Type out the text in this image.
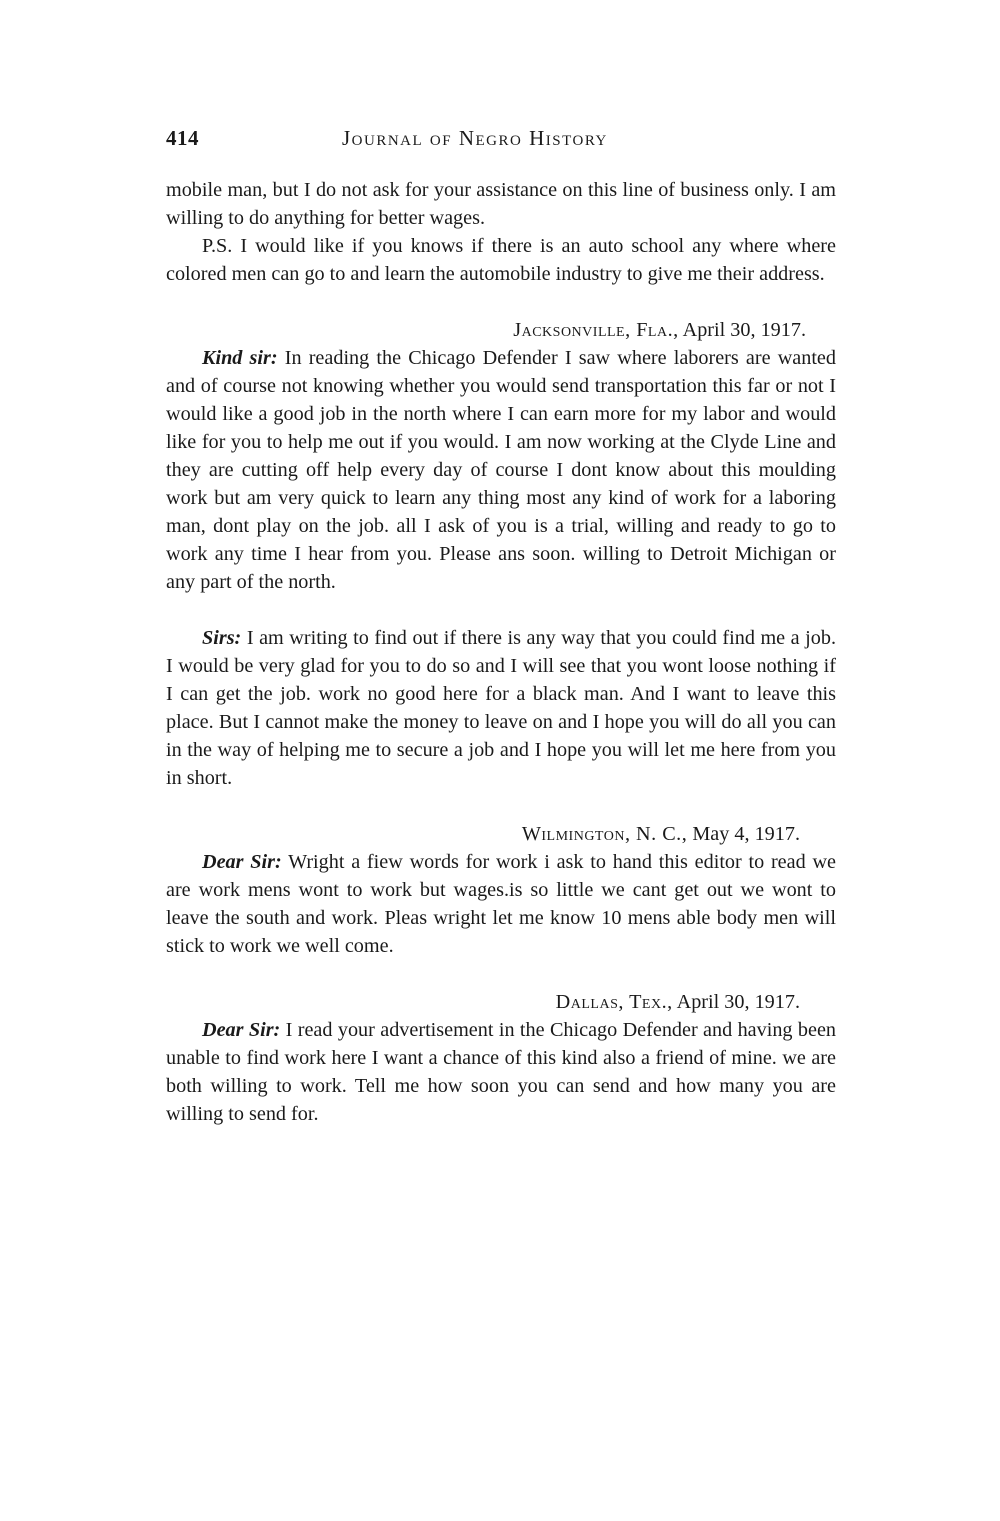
414	Journal of Negro History

mobile man, but I do not ask for your assistance on this line of business only. I am willing to do anything for better wages.

P.S. I would like if you knows if there is an auto school any where where colored men can go to and learn the automobile industry to give me their address.

Jacksonville, Fla., April 30, 1917.

Kind sir: In reading the Chicago Defender I saw where laborers are wanted and of course not knowing whether you would send transportation this far or not I would like a good job in the north where I can earn more for my labor and would like for you to help me out if you would. I am now working at the Clyde Line and they are cutting off help every day of course I dont know about this moulding work but am very quick to learn any thing most any kind of work for a laboring man, dont play on the job. all I ask of you is a trial, willing and ready to go to work any time I hear from you. Please ans soon. willing to Detroit Michigan or any part of the north.

Sirs: I am writing to find out if there is any way that you could find me a job. I would be very glad for you to do so and I will see that you wont loose nothing if I can get the job. work no good here for a black man. And I want to leave this place. But I cannot make the money to leave on and I hope you will do all you can in the way of helping me to secure a job and I hope you will let me here from you in short.

Wilmington, N. C., May 4, 1917.

Dear Sir: Wright a fiew words for work i ask to hand this editor to read we are work mens wont to work but wages.is so little we cant get out we wont to leave the south and work. Pleas wright let me know 10 mens able body men will stick to work we well come.

Dallas, Tex., April 30, 1917.

Dear Sir: I read your advertisement in the Chicago Defender and having been unable to find work here I want a chance of this kind also a friend of mine. we are both willing to work. Tell me how soon you can send and how many you are willing to send for.
